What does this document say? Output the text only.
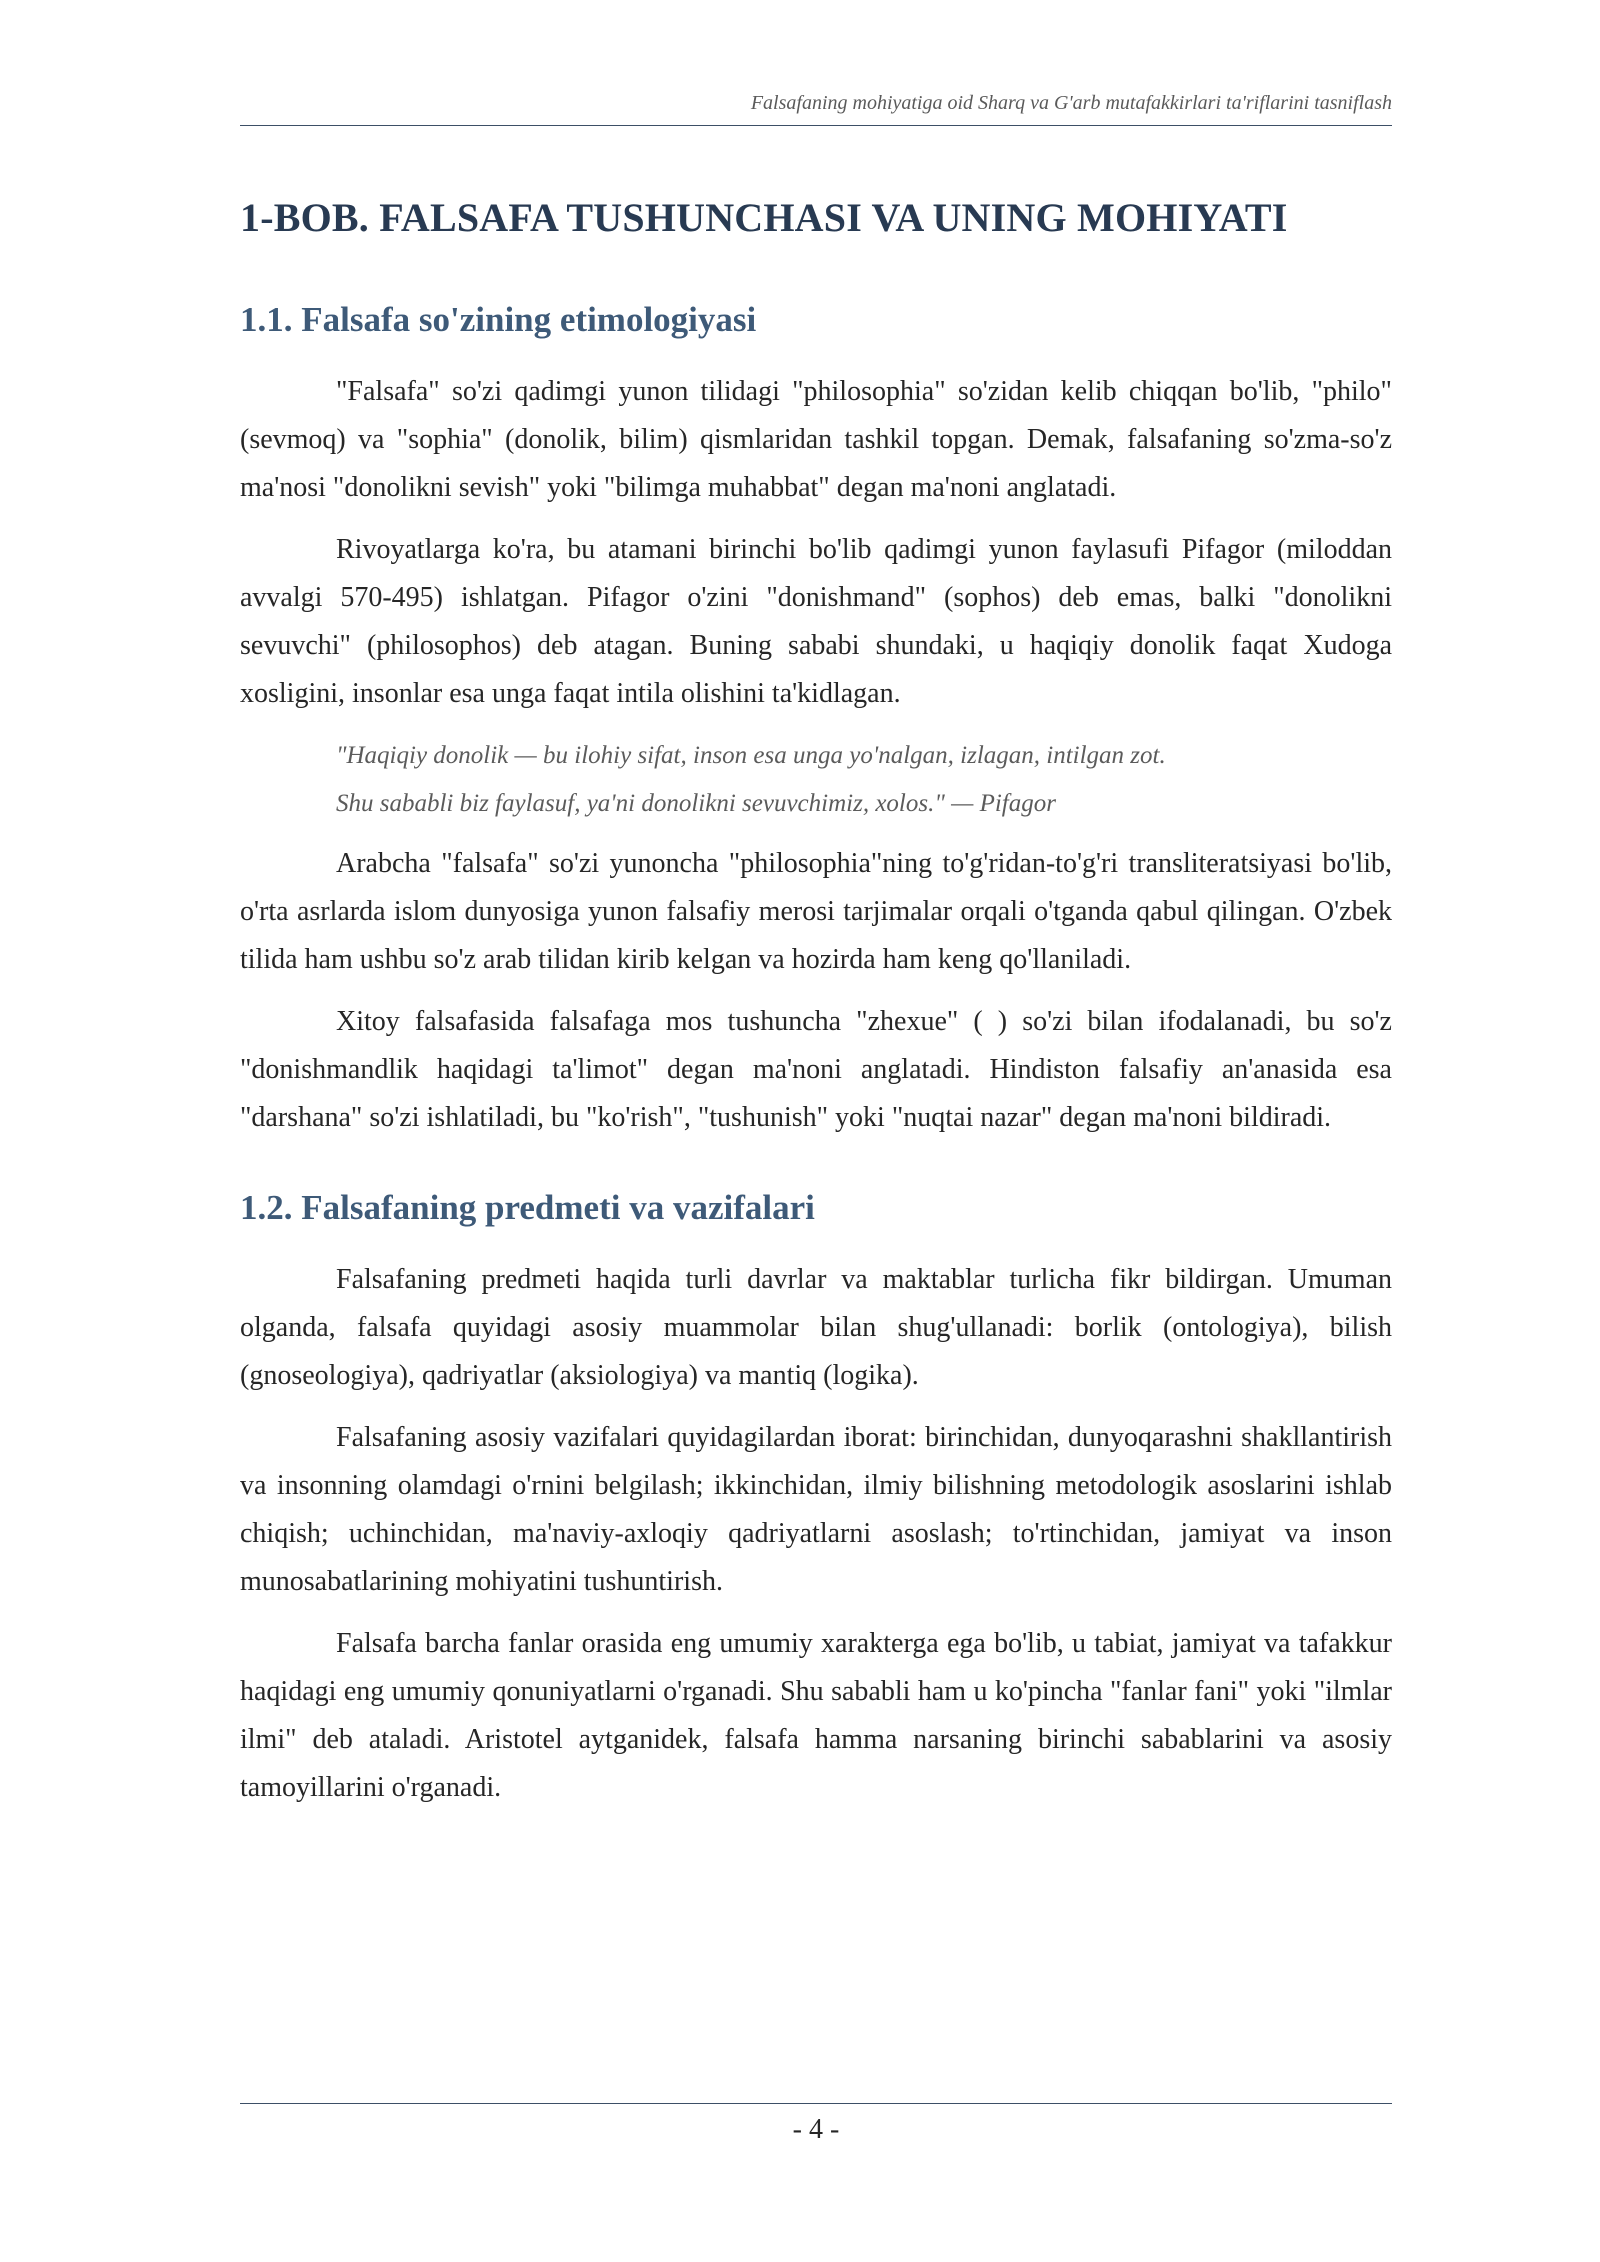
Falsafaning mohiyatiga oid Sharq va G'arb mutafakkirlari ta'riflarini tasniflash
1-BOB. FALSAFA TUSHUNCHASI VA UNING MOHIYATI
1.1. Falsafa so'zining etimologiyasi

"Falsafa" so'zi qadimgi yunon tilidagi "philosophia" so'zidan kelib chiqqan bo'lib, "philo" (sevmoq) va "sophia" (donolik, bilim) qismlaridan tashkil topgan. Demak, falsafaning so'zma-so'z ma'nosi "donolikni sevish" yoki "bilimga muhabbat" degan ma'noni anglatadi.

Rivoyatlarga ko'ra, bu atamani birinchi bo'lib qadimgi yunon faylasufi Pifagor (miloddan avvalgi 570-495) ishlatgan. Pifagor o'zini "donishmand" (sophos) deb emas, balki "donolikni sevuvchi" (philosophos) deb atagan. Buning sababi shundaki, u haqiqiy donolik faqat Xudoga xosligini, insonlar esa unga faqat intila olishini ta'kidlagan.

"Haqiqiy donolik — bu ilohiy sifat, inson esa unga yo'nalgan, izlagan, intilgan zot.
Shu sababli biz faylasuf, ya'ni donolikni sevuvchimiz, xolos." — Pifagor

Arabcha "falsafa" so'zi yunoncha "philosophia"ning to'g'ridan-to'g'ri transliteratsiyasi bo'lib, o'rta asrlarda islom dunyosiga yunon falsafiy merosi tarjimalar orqali o'tganda qabul qilingan. O'zbek tilida ham ushbu so'z arab tilidan kirib kelgan va hozirda ham keng qo'llaniladi.

Xitoy falsafasida falsafaga mos tushuncha "zhexue" ( ) so'zi bilan ifodalanadi, bu so'z "donishmandlik haqidagi ta'limot" degan ma'noni anglatadi. Hindiston falsafiy an'anasida esa "darshana" so'zi ishlatiladi, bu "ko'rish", "tushunish" yoki "nuqtai nazar" degan ma'noni bildiradi.

1.2. Falsafaning predmeti va vazifalari

Falsafaning predmeti haqida turli davrlar va maktablar turlicha fikr bildirgan. Umuman olganda, falsafa quyidagi asosiy muammolar bilan shug'ullanadi: borlik (ontologiya), bilish (gnoseologiya), qadriyatlar (aksiologiya) va mantiq (logika).

Falsafaning asosiy vazifalari quyidagilardan iborat: birinchidan, dunyoqarashni shakllantirish va insonning olamdagi o'rnini belgilash; ikkinchidan, ilmiy bilishning metodologik asoslarini ishlab chiqish; uchinchidan, ma'naviy-axloqiy qadriyatlarni asoslash; to'rtinchidan, jamiyat va inson munosabatlarining mohiyatini tushuntirish.

Falsafa barcha fanlar orasida eng umumiy xarakterga ega bo'lib, u tabiat, jamiyat va tafakkur haqidagi eng umumiy qonuniyatlarni o'rganadi. Shu sababli ham u ko'pincha "fanlar fani" yoki "ilmlar ilmi" deb ataladi. Aristotel aytganidek, falsafa hamma narsaning birinchi sabablarini va asosiy tamoyillarini o'rganadi.

- 4 -
